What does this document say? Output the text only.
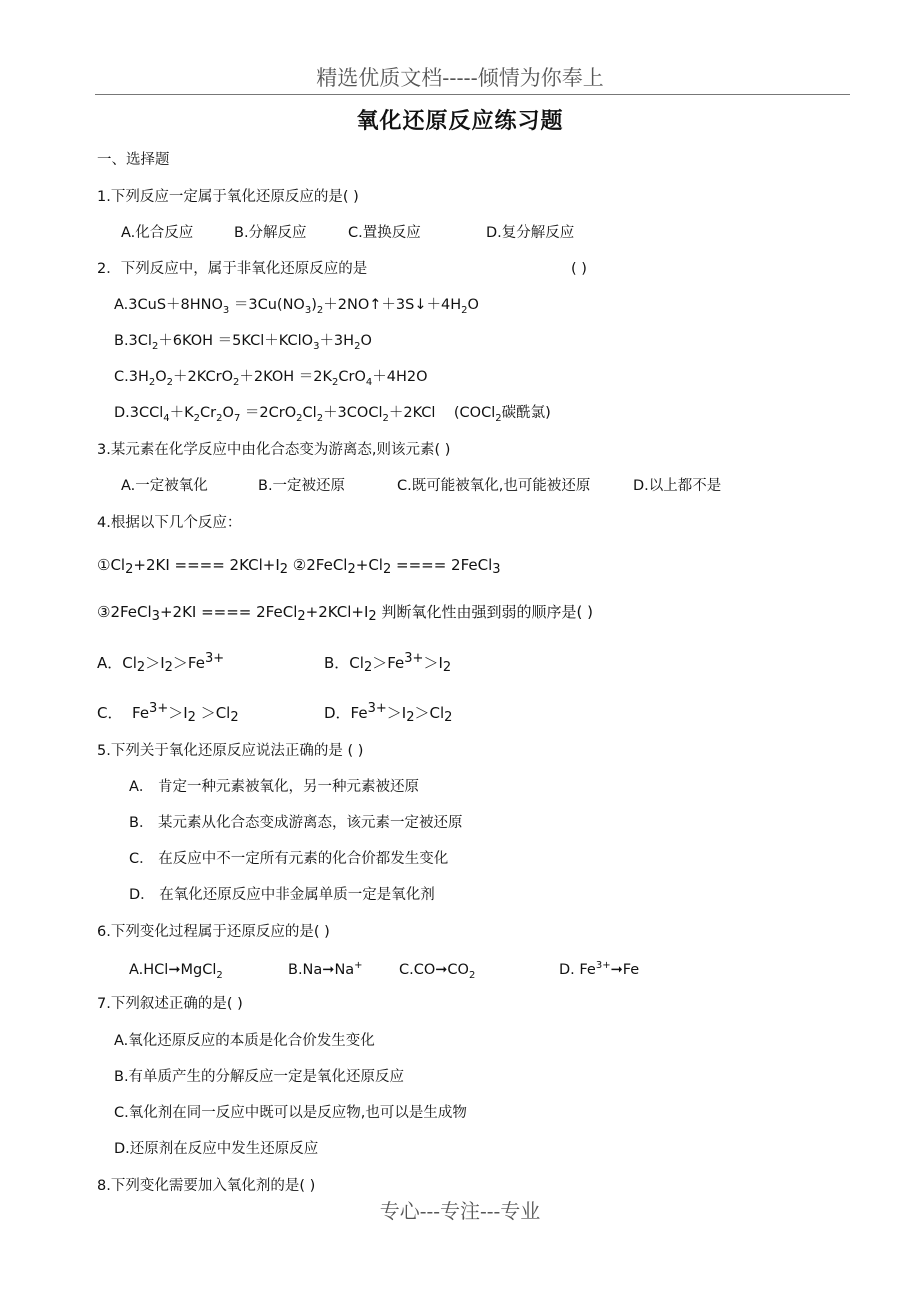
精选优质文档-----倾情为你奉上
氧化还原反应练习题
一、选择题
1.下列反应一定属于氧化还原反应的是( )
A.化合反应	B.分解反应	C.置换反应	D.复分解反应
2．下列反应中，属于非氧化还原反应的是	( )
$A.3CuS+8HNO_3$ $=3Cu(NO_3)_2+2NO↑+3S↓+4H_2O$
$B.3Cl_2+6KOH$ $=5KCl+KClO_3+3H_2O$
$C.3H_2O_2+2KCrO_2+2KOH =2K_2CrO_4+4H2O$
$D.3CCl_4+K_2Cr_2O_7$ $=2CrO_2Cl_2+3COCl_2+2KCl$    (COCl$_2$碳酰氯)
3.某元素在化学反应中由化合态变为游离态,则该元素( )
A.一定被氧化	B.一定被还原	C.既可能被氧化,也可能被还原	D.以上都不是
4.根据以下几个反应：
$①Cl_2+2KI$ ==== $2KCl+I_2$ $②2FeCl_2+Cl_2$ ==== 2FeCl$_3$
③2FeCl$_3$+2KI ==== $2FeCl_2+2KCl+I_2$ 判断氧化性由强到弱的顺序是( )
A．$Cl_2>I_2>Fe^{3+}$	B．$Cl_2>Fe^{3+}>I_2$
C．  $Fe^{3+}>I_2 >Cl_2$	D．$Fe^{3+}>I_2>Cl_2$
5.下列关于氧化还原反应说法正确的是 ( )
A． 肯定一种元素被氧化，另一种元素被还原
B． 某元素从化合态变成游离态，该元素一定被还原
C． 在反应中不一定所有元素的化合价都发生变化
D． 在氧化还原反应中非金属单质一定是氧化剂
6.下列变化过程属于还原反应的是( )
A.HCl➞MgCl$_2$	B.Na➞Na+	$C.CO➞CO_2$	D. $Fe^{3+}➞Fe$
7.下列叙述正确的是( )
A.氧化还原反应的本质是化合价发生变化
B.有单质产生的分解反应一定是氧化还原反应
C.氧化剂在同一反应中既可以是反应物,也可以是生成物
D.还原剂在反应中发生还原反应
8.下列变化需要加入氧化剂的是( )
专心---专注---专业
